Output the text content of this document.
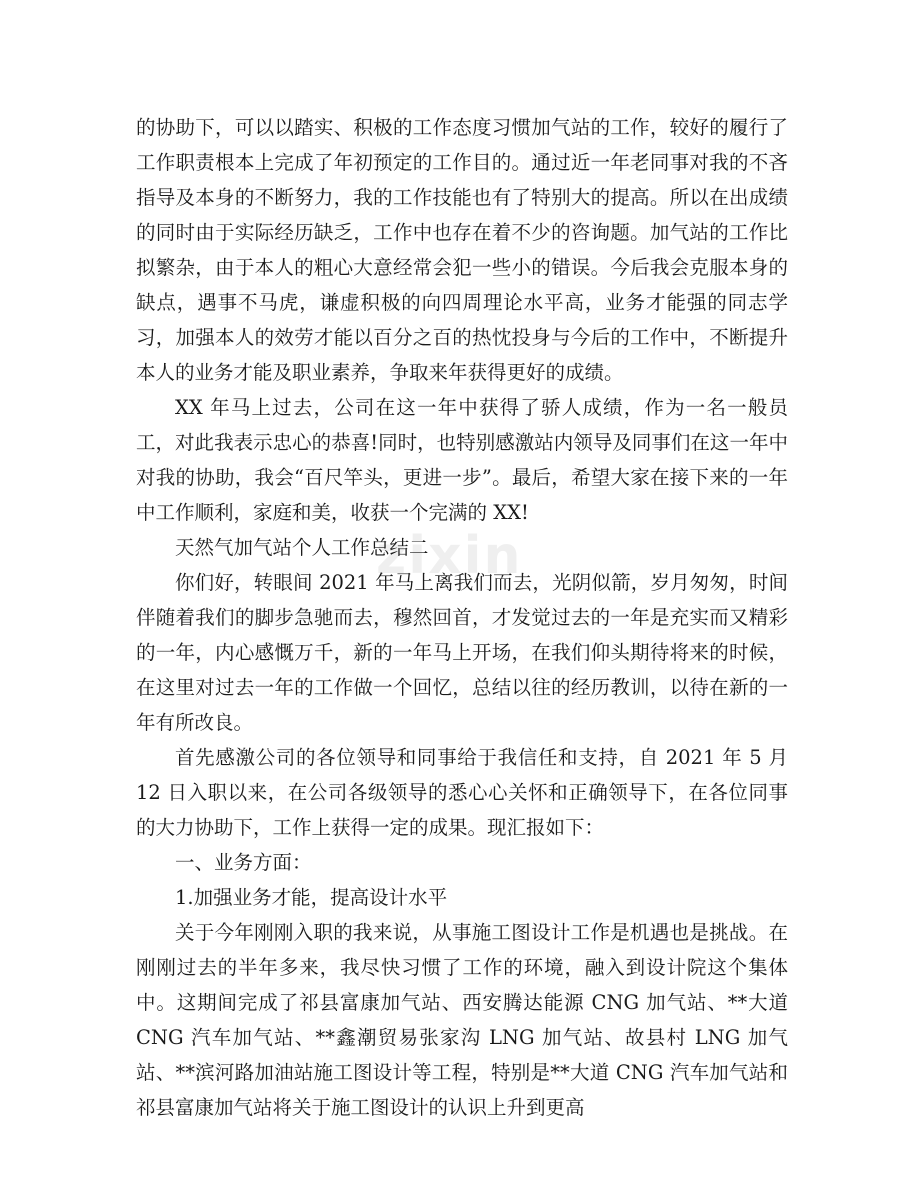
的协助下，可以以踏实、积极的工作态度习惯加气站的工作，较好的履行了工作职责根本上完成了年初预定的工作目的。通过近一年老同事对我的不吝指导及本身的不断努力，我的工作技能也有了特别大的提高。所以在出成绩的同时由于实际经历缺乏，工作中也存在着不少的咨询题。加气站的工作比拟繁杂，由于本人的粗心大意经常会犯一些小的错误。今后我会克服本身的缺点，遇事不马虎，谦虚积极的向四周理论水平高，业务才能强的同志学习，加强本人的效劳才能以百分之百的热忱投身与今后的工作中，不断提升本人的业务才能及职业素养，争取来年获得更好的成绩。

XX 年马上过去，公司在这一年中获得了骄人成绩，作为一名一般员工，对此我表示忠心的恭喜!同时，也特别感激站内领导及同事们在这一年中对我的协助，我会“百尺竿头，更进一步”。最后，希望大家在接下来的一年中工作顺利，家庭和美，收获一个完满的 XX!

天然气加气站个人工作总结二

你们好，转眼间 2021 年马上离我们而去，光阴似箭，岁月匆匆，时间伴随着我们的脚步急驰而去，穆然回首，才发觉过去的一年是充实而又精彩的一年，内心感慨万千，新的一年马上开场，在我们仰头期待将来的时候，在这里对过去一年的工作做一个回忆，总结以往的经历教训，以待在新的一年有所改良。

首先感激公司的各位领导和同事给于我信任和支持，自 2021 年 5 月 12 日入职以来，在公司各级领导的悉心心关怀和正确领导下，在各位同事的大力协助下，工作上获得一定的成果。现汇报如下：

一、业务方面：

1.加强业务才能，提高设计水平

关于今年刚刚入职的我来说，从事施工图设计工作是机遇也是挑战。在刚刚过去的半年多来，我尽快习惯了工作的环境，融入到设计院这个集体中。这期间完成了祁县富康加气站、西安腾达能源 CNG 加气站、**大道 CNG 汽车加气站、**鑫潮贸易张家沟 LNG 加气站、故县村 LNG 加气站、**滨河路加油站施工图设计等工程，特别是**大道 CNG 汽车加气站和祁县富康加气站将关于施工图设计的认识上升到更高

zixin
